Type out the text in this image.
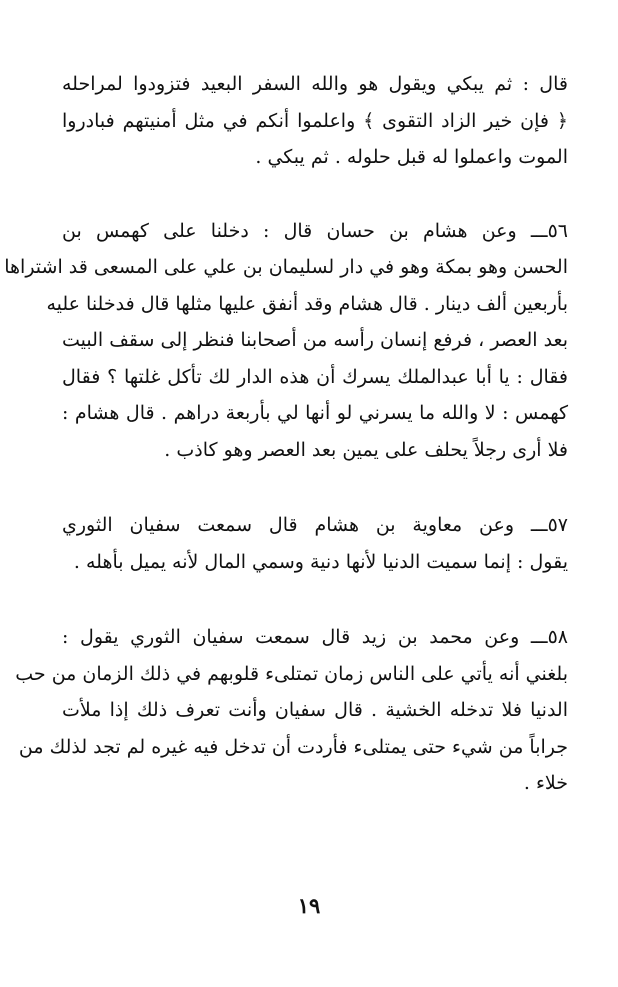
قال : ثم يبكي ويقول هو والله السفر البعيد فتزودوا لمراحله
﴿ فإن خير الزاد التقوى ﴾ واعلموا أنكم في مثل أمنيتهم فبادروا
الموت واعملوا له قبل حلوله . ثم يبكي .
٥٦ـــ وعن هشام بن حسان قال : دخلنا على كهمس بن
الحسن وهو بمكة وهو في دار لسليمان بن علي على المسعى قد اشتراها
بأربعين ألف دينار . قال هشام وقد أنفق عليها مثلها قال فدخلنا عليه
بعد العصر ، فرفع إنسان رأسه من أصحابنا فنظر إلى سقف البيت
فقال : يا أبا عبدالملك يسرك أن هذه الدار لك تأكل غلتها ؟ فقال
كهمس : لا والله ما يسرني لو أنها لي بأربعة دراهم . قال هشام :
فلا أرى رجلاً يحلف على يمين بعد العصر وهو كاذب .
٥٧ـــ وعن معاوية بن هشام قال سمعت سفيان الثوري
يقول : إنما سميت الدنيا لأنها دنية وسمي المال لأنه يميل بأهله .
٥٨ـــ وعن محمد بن زيد قال سمعت سفيان الثوري يقول :
بلغني أنه يأتي على الناس زمان تمتلىء قلوبهم في ذلك الزمان من حب
الدنيا فلا تدخله الخشية . قال سفيان وأنت تعرف ذلك إذا ملأت
جراباً من شيء حتى يمتلىء فأردت أن تدخل فيه غيره لم تجد لذلك من
خلاء .
١٩
